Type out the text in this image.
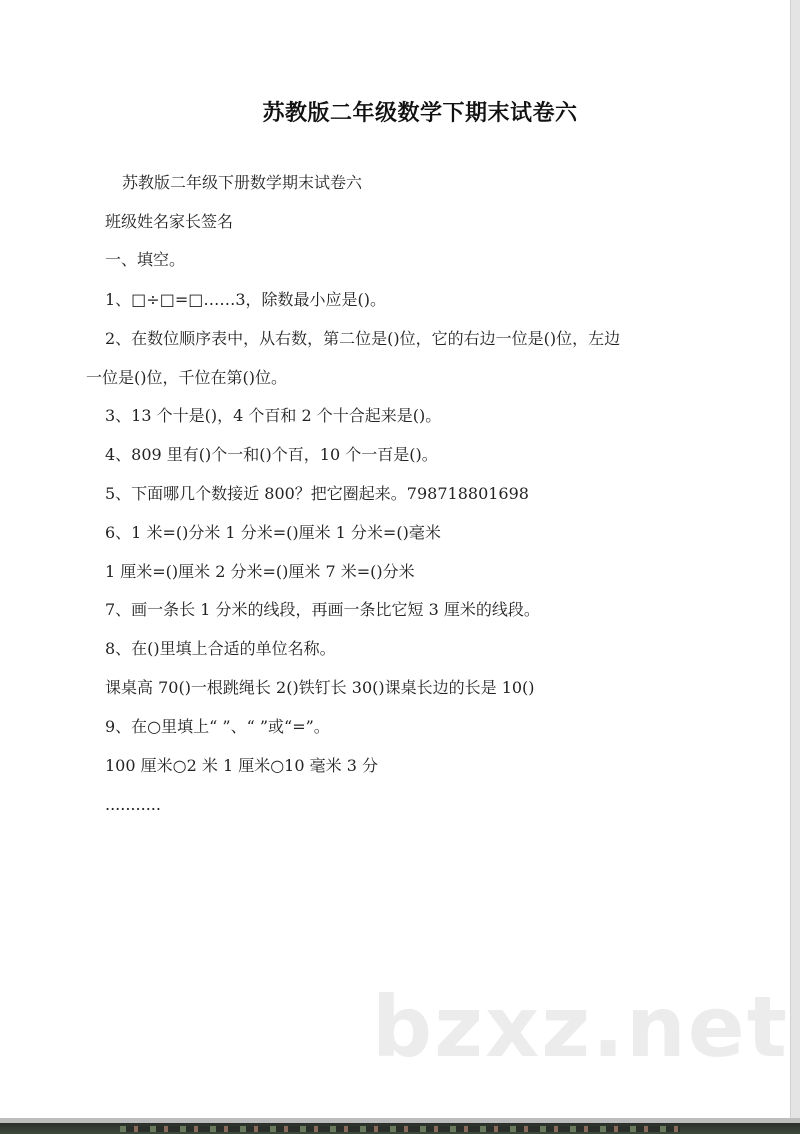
苏教版二年级数学下期末试卷六
苏教版二年级下册数学期末试卷六
班级姓名家长签名
一、填空。
1、□÷□=□……3，除数最小应是()。
2、在数位顺序表中，从右数，第二位是()位，它的右边一位是()位，左边
一位是()位，千位在第()位。
3、13 个十是()，4 个百和 2 个十合起来是()。
4、809 里有()个一和()个百，10 个一百是()。
5、下面哪几个数接近 800？把它圈起来。798718801698
6、1 米=()分米 1 分米=()厘米 1 分米=()毫米
1 厘米=()厘米 2 分米=()厘米 7 米=()分米
7、画一条长 1 分米的线段，再画一条比它短 3 厘米的线段。
8、在()里填上合适的单位名称。
课桌高 70()一根跳绳长 2()铁钉长 30()课桌长边的长是 10()
9、在○里填上“ ”、“ ”或“=”。
100 厘米○2 米 1 厘米○10 毫米 3 分
...........
bzxz.net
